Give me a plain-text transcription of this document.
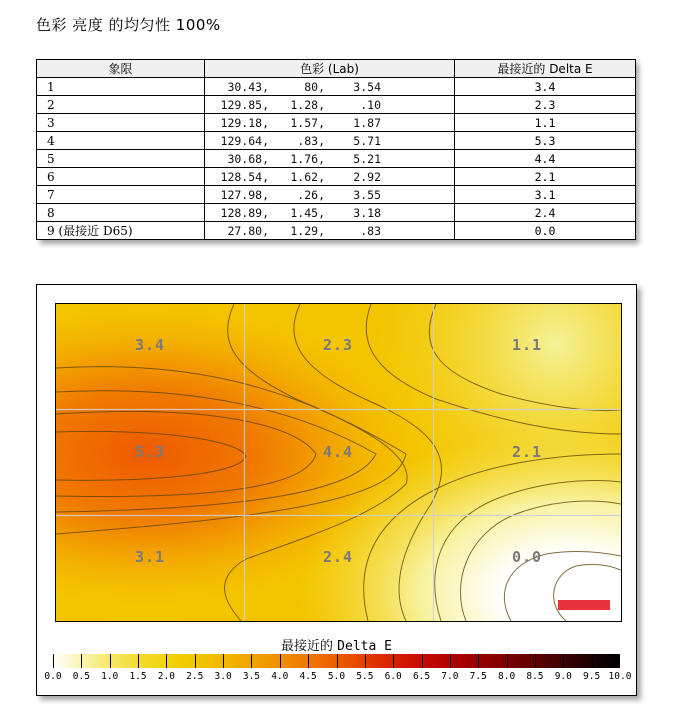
色彩 亮度 的均匀性 100%
象限	色彩 (Lab)	最接近的 Delta E
1	30.43, 80, 3.54	3.4
2	129.85, 1.28, .10	2.3
3	129.18, 1.57, 1.87	1.1
4	129.64, .83, 5.71	5.3
5	30.68, 1.76, 5.21	4.4
6	128.54, 1.62, 2.92	2.1
7	127.98, .26, 3.55	3.1
8	128.89, 1.45, 3.18	2.4
9 (最接近 D65)	27.80, 1.29, .83	0.0
3.4	2.3	1.1
5.3	4.4	2.1
3.1	2.4	0.0
最接近的 Delta E
0.0 0.5 1.0 1.5 2.0 2.5 3.0 3.5 4.0 4.5 5.0 5.5 6.0 6.5 7.0 7.5 8.0 8.5 9.0 9.5 10.0
